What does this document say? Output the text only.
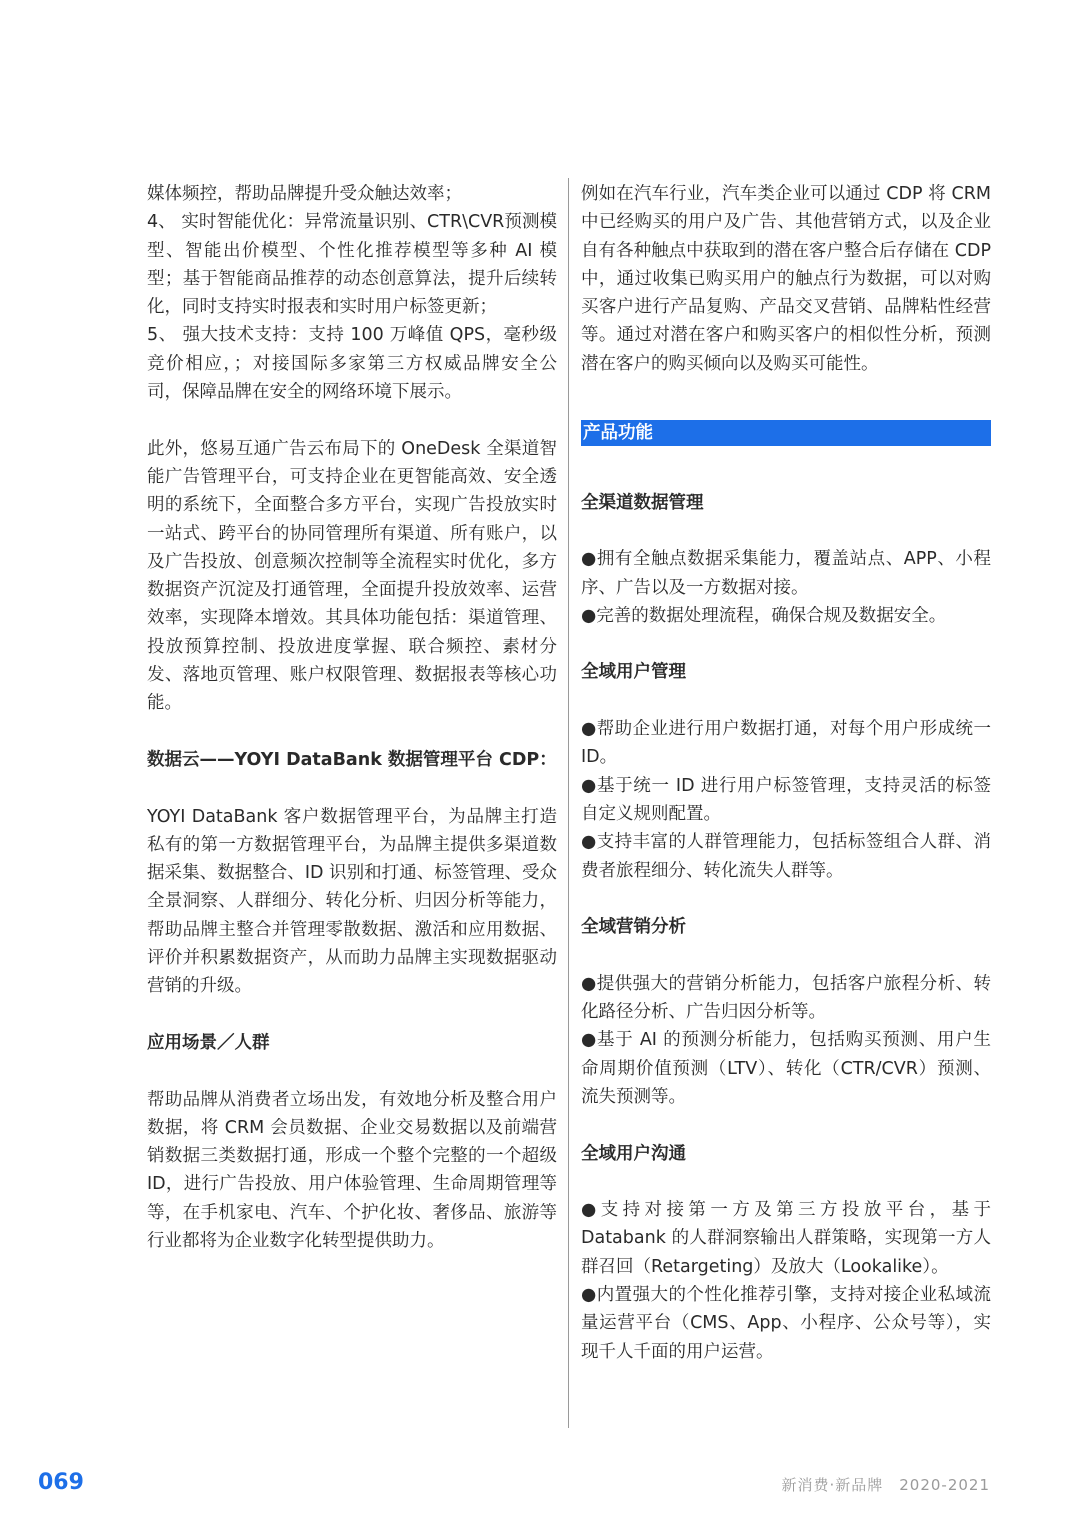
媒体频控，帮助品牌提升受众触达效率；

4、 实时智能优化：异常流量识别、CTR\CVR预测模型、智能出价模型、个性化推荐模型等多种 AI 模型；基于智能商品推荐的动态创意算法，提升后续转化，同时支持实时报表和实时用户标签更新；

5、 强大技术支持：支持 100 万峰值 QPS，毫秒级竞价相应，；对接国际多家第三方权威品牌安全公司，保障品牌在安全的网络环境下展示。

此外，悠易互通广告云布局下的 OneDesk 全渠道智能广告管理平台，可支持企业在更智能高效、安全透明的系统下，全面整合多方平台，实现广告投放实时一站式、跨平台的协同管理所有渠道、所有账户，以及广告投放、创意频次控制等全流程实时优化，多方数据资产沉淀及打通管理，全面提升投放效率、运营效率，实现降本增效。其具体功能包括：渠道管理、投放预算控制、投放进度掌握、联合频控、素材分发、落地页管理、账户权限管理、数据报表等核心功能。

数据云——YOYI DataBank 数据管理平台 CDP：

YOYI DataBank 客户数据管理平台，为品牌主打造私有的第一方数据管理平台，为品牌主提供多渠道数据采集、数据整合、ID 识别和打通、标签管理、受众全景洞察、人群细分、转化分析、归因分析等能力，帮助品牌主整合并管理零散数据、激活和应用数据、评价并积累数据资产，从而助力品牌主实现数据驱动营销的升级。

应用场景／人群

帮助品牌从消费者立场出发，有效地分析及整合用户数据，将 CRM 会员数据、企业交易数据以及前端营销数据三类数据打通，形成一个整个完整的一个超级 ID，进行广告投放、用户体验管理、生命周期管理等等，在手机家电、汽车、个护化妆、奢侈品、旅游等行业都将为企业数字化转型提供助力。

例如在汽车行业，汽车类企业可以通过 CDP 将 CRM 中已经购买的用户及广告、其他营销方式，以及企业自有各种触点中获取到的潜在客户整合后存储在 CDP 中，通过收集已购买用户的触点行为数据，可以对购买客户进行产品复购、产品交叉营销、品牌粘性经营等。通过对潜在客户和购买客户的相似性分析，预测潜在客户的购买倾向以及购买可能性。

产品功能

全渠道数据管理

●拥有全触点数据采集能力，覆盖站点、APP、小程序、广告以及一方数据对接。

●完善的数据处理流程，确保合规及数据安全。

全域用户管理

●帮助企业进行用户数据打通，对每个用户形成统一 ID。

●基于统一 ID 进行用户标签管理，支持灵活的标签自定义规则配置。

●支持丰富的人群管理能力，包括标签组合人群、消费者旅程细分、转化流失人群等。

全域营销分析

●提供强大的营销分析能力，包括客户旅程分析、转化路径分析、广告归因分析等。

●基于 AI 的预测分析能力，包括购买预测、用户生命周期价值预测（LTV）、转化（CTR/CVR）预测、流失预测等。

全域用户沟通

●支持对接第一方及第三方投放平台，基于 Databank 的人群洞察输出人群策略，实现第一方人群召回（Retargeting）及放大（Lookalike）。

●内置强大的个性化推荐引擎，支持对接企业私域流量运营平台（CMS、App、小程序、公众号等），实现千人千面的用户运营。

069	新消费·新品牌　2020-2021
